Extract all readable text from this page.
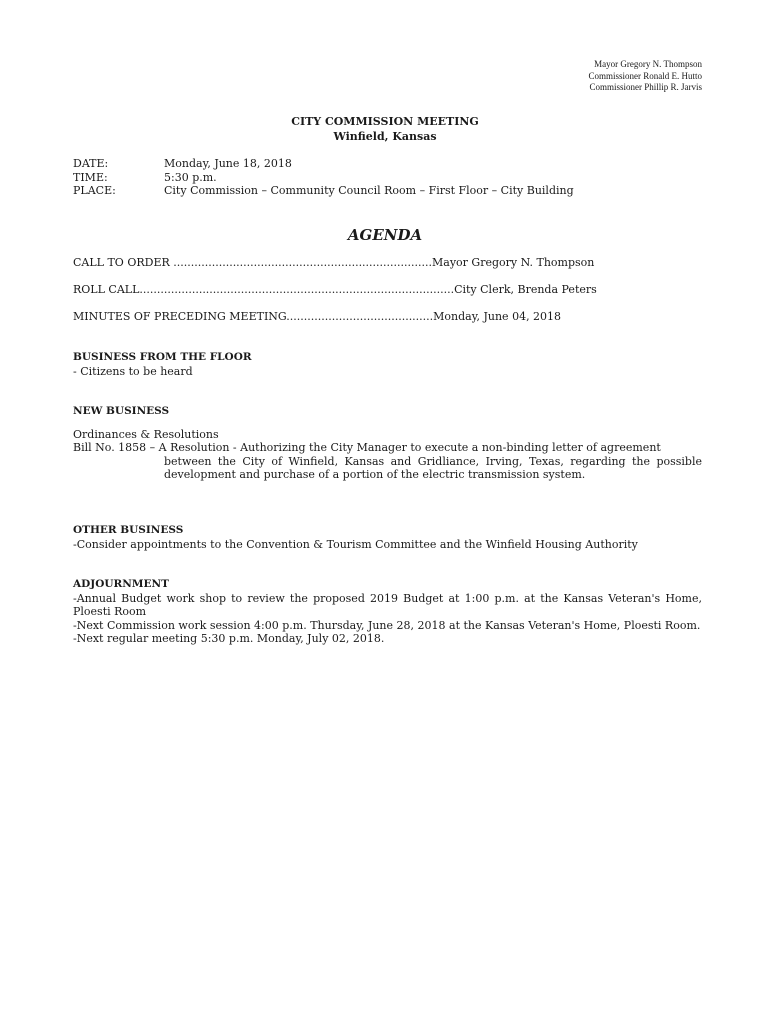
Mayor Gregory N. Thompson
Commissioner Ronald E. Hutto
Commissioner Phillip R. Jarvis
CITY COMMISSION MEETING
Winfield, Kansas
DATE:	Monday, June 18, 2018
TIME:	5:30 p.m.
PLACE:	City Commission – Community Council Room – First Floor – City Building
AGENDA
CALL TO ORDER ..........................................................................Mayor Gregory N. Thompson
ROLL CALL..........................................................................................City Clerk, Brenda Peters
MINUTES OF PRECEDING MEETING..........................................Monday, June 04, 2018
BUSINESS FROM THE FLOOR
- Citizens to be heard
NEW BUSINESS
Ordinances & Resolutions
Bill No. 1858 – A Resolution - Authorizing the City Manager to execute a non-binding letter of agreement
between the City of Winfield, Kansas and Gridliance, Irving, Texas, regarding the possible development and purchase of a portion of the electric transmission system.
OTHER BUSINESS
-Consider appointments to the Convention & Tourism Committee and the Winfield Housing Authority
ADJOURNMENT
-Annual Budget work shop to review the proposed 2019 Budget at 1:00 p.m. at the Kansas Veteran's Home, Ploesti Room
-Next Commission work session 4:00 p.m. Thursday, June 28, 2018 at the Kansas Veteran's Home, Ploesti Room.
-Next regular meeting 5:30 p.m. Monday, July 02, 2018.
